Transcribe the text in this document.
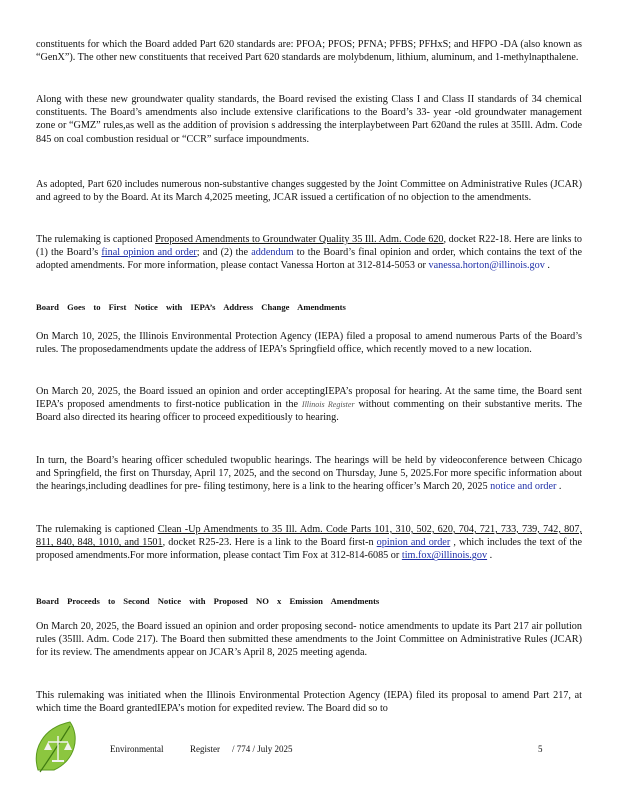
constituents for which the Board added Part 620 standards are: PFOA; PFOS; PFNA; PFBS; PFHxS; and HFPO -DA (also known as “GenX”). The other new constituents that received Part 620 standards are molybdenum, lithium, aluminum, and 1-methylnapthalene.

Along with these new groundwater quality standards, the Board revised the existing Class I and Class II standards of 34 chemical constituents. The Board’s amendments also include extensive clarifications to the Board’s 33- year -old groundwater management zone or “GMZ” rules,as well as the addition of provision s addressing the interplaybetween Part 620and the rules at 35Ill. Adm. Code 845 on coal combustion residual or “CCR” surface impoundments.

As adopted, Part 620 includes numerous non-substantive changes suggested by the Joint Committee on Administrative Rules (JCAR) and agreed to by the Board. At its March 4,2025 meeting, JCAR issued a certification of no objection to the amendments.

The rulemaking is captioned Proposed Amendments to Groundwater Quality 35 Ill. Adm. Code 620, docket R22-18. Here are links to (1) the Board’s final opinion and order; and (2) the addendum to the Board’s final opinion and order, which contains the text of the adopted amendments. For more information, please contact Vanessa Horton at 312-814-5053 or vanessa.horton@illinois.gov .

Board Goes to First Notice with IEPA’s Address Change Amendments

On March 10, 2025, the Illinois Environmental Protection Agency (IEPA) filed a proposal to amend numerous Parts of the Board’s rules. The proposedamendments update the address of IEPA’s Springfield office, which recently moved to a new location.

On March 20, 2025, the Board issued an opinion and order acceptingIEPA’s proposal for hearing. At the same time, the Board sent IEPA’s proposed amendments to first-notice publication in the Illinois Register without commenting on their substantive merits. The Board also directed its hearing officer to proceed expeditiously to hearing.

In turn, the Board’s hearing officer scheduled twopublic hearings. The hearings will be held by videoconference between Chicago and Springfield, the first on Thursday, April 17, 2025, and the second on Thursday, June 5, 2025.For more specific information about the hearings,including deadlines for pre- filing testimony, here is a link to the hearing officer’s March 20, 2025 notice and order .

The rulemaking is captioned Clean -Up Amendments to 35 Ill. Adm. Code Parts 101, 310, 502, 620, 704, 721, 733, 739, 742, 807, 811, 840, 848, 1010, and 1501, docket R25-23. Here is a link to the Board first-n opinion and order , which includes the text of the proposed amendments.For more information, please contact Tim Fox at 312-814-6085 or tim.fox@illinois.gov .

Board Proceeds to Second Notice with Proposed NO x Emission Amendments

On March 20, 2025, the Board issued an opinion and order proposing second- notice amendments to update its Part 217 air pollution rules (35Ill. Adm. Code 217). The Board then submitted these amendments to the Joint Committee on Administrative Rules (JCAR) for its review. The amendments appear on JCAR’s April 8, 2025 meeting agenda.

This rulemaking was initiated when the Illinois Environmental Protection Agency (IEPA) filed its proposal to amend Part 217, at which time the Board grantedIEPA’s motion for expedited review. The Board did so to

Environmental	Register / 774 / July 2025	5
